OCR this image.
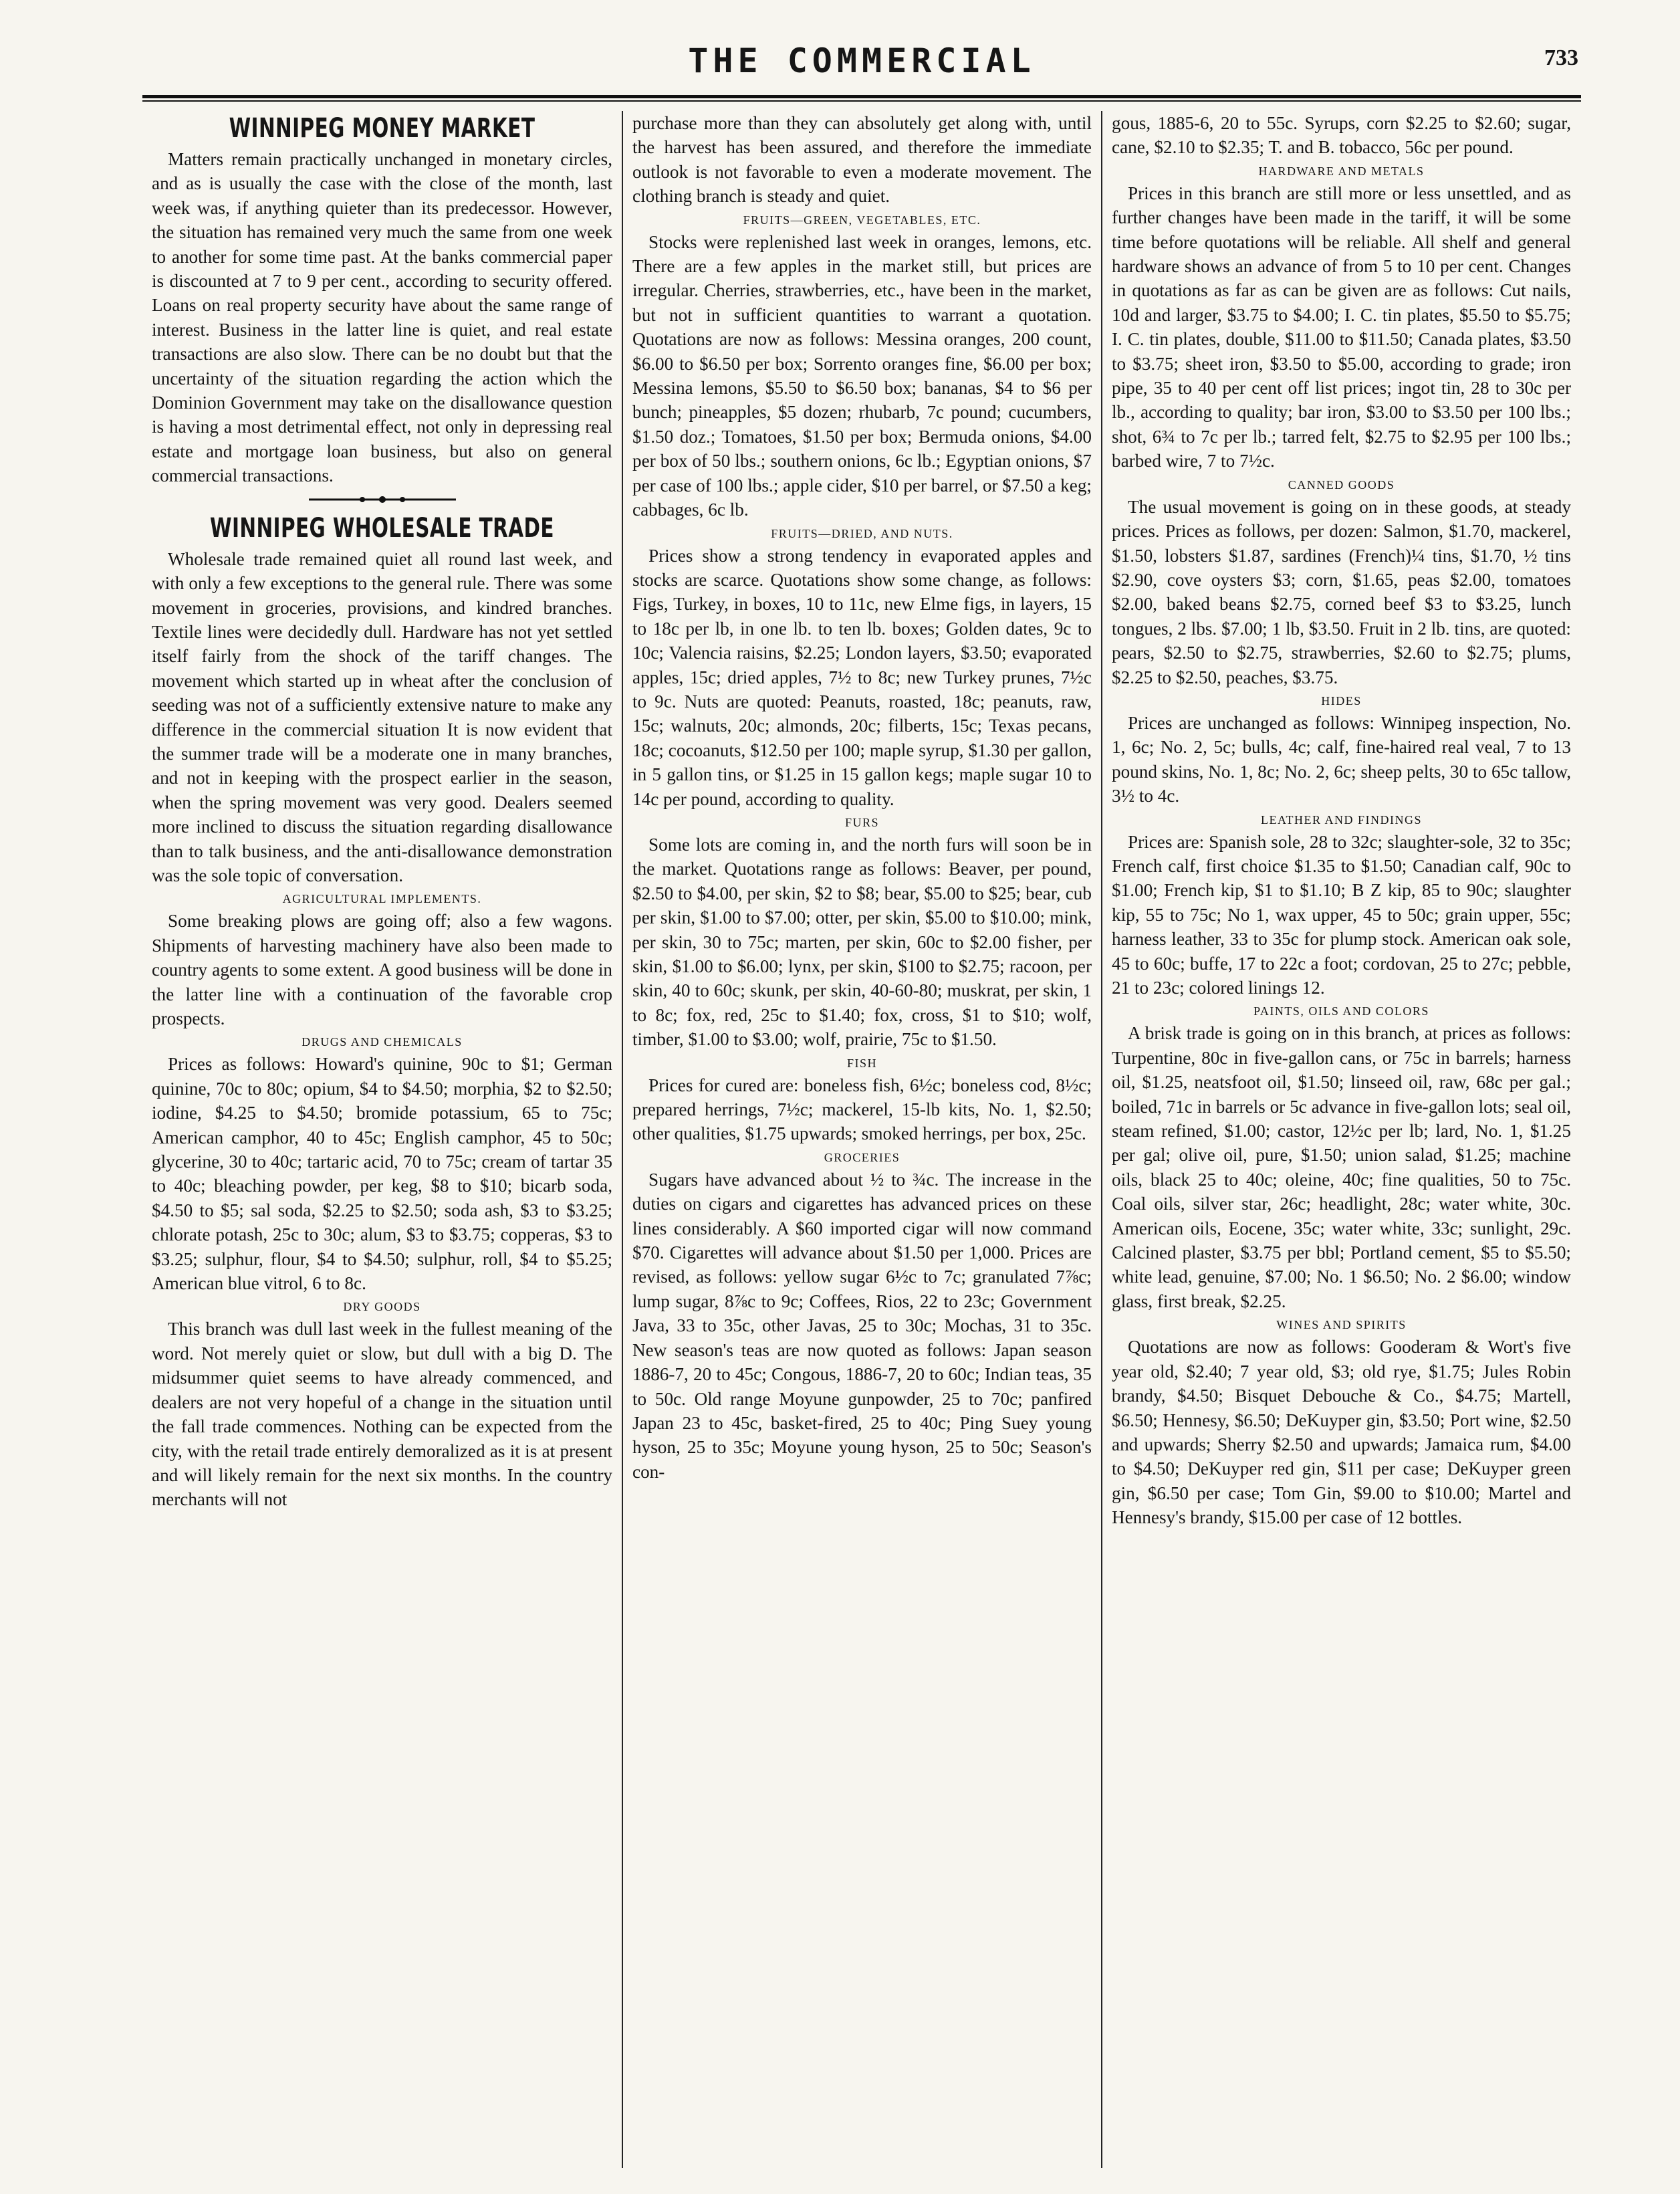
THE COMMERCIAL	733
WINNIPEG MONEY MARKET

Matters remain practically unchanged in monetary circles, and as is usually the case with the close of the month, last week was, if anything quieter than its predecessor. However, the situation has remained very much the same from one week to another for some time past. At the banks commercial paper is discounted at 7 to 9 per cent., according to security offered. Loans on real property security have about the same range of interest. Business in the latter line is quiet, and real estate transactions are also slow. There can be no doubt but that the uncertainty of the situation regarding the action which the Dominion Government may take on the disallowance question is having a most detrimental effect, not only in depressing real estate and mortgage loan business, but also on general commercial transactions.

WINNIPEG WHOLESALE TRADE

Wholesale trade remained quiet all round last week, and with only a few exceptions to the general rule. There was some movement in groceries, provisions, and kindred branches. Textile lines were decidedly dull. Hardware has not yet settled itself fairly from the shock of the tariff changes. The movement which started up in wheat after the conclusion of seeding was not of a sufficiently extensive nature to make any difference in the commercial situation It is now evident that the summer trade will be a moderate one in many branches, and not in keeping with the prospect earlier in the season, when the spring movement was very good. Dealers seemed more inclined to discuss the situation regarding disallowance than to talk business, and the anti-disallowance demonstration was the sole topic of conversation.

AGRICULTURAL IMPLEMENTS.

Some breaking plows are going off; also a few wagons. Shipments of harvesting machinery have also been made to country agents to some extent. A good business will be done in the latter line with a continuation of the favorable crop prospects.

DRUGS AND CHEMICALS

Prices as follows: Howard's quinine, 90c to $1; German quinine, 70c to 80c; opium, $4 to $4.50; morphia, $2 to $2.50; iodine, $4.25 to $4.50; bromide potassium, 65 to 75c; American camphor, 40 to 45c; English camphor, 45 to 50c; glycerine, 30 to 40c; tartaric acid, 70 to 75c; cream of tartar 35 to 40c; bleaching powder, per keg, $8 to $10; bicarb soda, $4.50 to $5; sal soda, $2.25 to $2.50; soda ash, $3 to $3.25; chlorate potash, 25c to 30c; alum, $3 to $3.75; copperas, $3 to $3.25; sulphur, flour, $4 to $4.50; sulphur, roll, $4 to $5.25; American blue vitrol, 6 to 8c.

DRY GOODS

This branch was dull last week in the fullest meaning of the word. Not merely quiet or slow, but dull with a big D. The midsummer quiet seems to have already commenced, and dealers are not very hopeful of a change in the situation until the fall trade commences. Nothing can be expected from the city, with the retail trade entirely demoralized as it is at present and will likely remain for the next six months. In the country merchants will not

purchase more than they can absolutely get along with, until the harvest has been assured, and therefore the immediate outlook is not favorable to even a moderate movement. The clothing branch is steady and quiet.

FRUITS—GREEN, VEGETABLES, ETC.

Stocks were replenished last week in oranges, lemons, etc. There are a few apples in the market still, but prices are irregular. Cherries, strawberries, etc., have been in the market, but not in sufficient quantities to warrant a quotation. Quotations are now as follows: Messina oranges, 200 count, $6.00 to $6.50 per box; Sorrento oranges fine, $6.00 per box; Messina lemons, $5.50 to $6.50 box; bananas, $4 to $6 per bunch; pineapples, $5 dozen; rhubarb, 7c pound; cucumbers, $1.50 doz.; Tomatoes, $1.50 per box; Bermuda onions, $4.00 per box of 50 lbs.; southern onions, 6c lb.; Egyptian onions, $7 per case of 100 lbs.; apple cider, $10 per barrel, or $7.50 a keg; cabbages, 6c lb.

FRUITS—DRIED, AND NUTS.

Prices show a strong tendency in evaporated apples and stocks are scarce. Quotations show some change, as follows: Figs, Turkey, in boxes, 10 to 11c, new Elme figs, in layers, 15 to 18c per lb, in one lb. to ten lb. boxes; Golden dates, 9c to 10c; Valencia raisins, $2.25; London layers, $3.50; evaporated apples, 15c; dried apples, 7½ to 8c; new Turkey prunes, 7½c to 9c. Nuts are quoted: Peanuts, roasted, 18c; peanuts, raw, 15c; walnuts, 20c; almonds, 20c; filberts, 15c; Texas pecans, 18c; cocoanuts, $12.50 per 100; maple syrup, $1.30 per gallon, in 5 gallon tins, or $1.25 in 15 gallon kegs; maple sugar 10 to 14c per pound, according to quality.

FURS

Some lots are coming in, and the north furs will soon be in the market. Quotations range as follows: Beaver, per pound, $2.50 to $4.00, per skin, $2 to $8; bear, $5.00 to $25; bear, cub per skin, $1.00 to $7.00; otter, per skin, $5.00 to $10.00; mink, per skin, 30 to 75c; marten, per skin, 60c to $2.00 fisher, per skin, $1.00 to $6.00; lynx, per skin, $100 to $2.75; racoon, per skin, 40 to 60c; skunk, per skin, 40-60-80; muskrat, per skin, 1 to 8c; fox, red, 25c to $1.40; fox, cross, $1 to $10; wolf, timber, $1.00 to $3.00; wolf, prairie, 75c to $1.50.

FISH

Prices for cured are: boneless fish, 6½c; boneless cod, 8½c; prepared herrings, 7½c; mackerel, 15-lb kits, No. 1, $2.50; other qualities, $1.75 upwards; smoked herrings, per box, 25c.

GROCERIES

Sugars have advanced about ½ to ¾c. The increase in the duties on cigars and cigarettes has advanced prices on these lines considerably. A $60 imported cigar will now command $70. Cigarettes will advance about $1.50 per 1,000. Prices are revised, as follows: yellow sugar 6½c to 7c; granulated 7⅞c; lump sugar, 8⅞c to 9c; Coffees, Rios, 22 to 23c; Government Java, 33 to 35c, other Javas, 25 to 30c; Mochas, 31 to 35c. New season's teas are now quoted as follows: Japan season 1886-7, 20 to 45c; Congous, 1886-7, 20 to 60c; Indian teas, 35 to 50c. Old range Moyune gunpowder, 25 to 70c; panfired Japan 23 to 45c, basket-fired, 25 to 40c; Ping Suey young hyson, 25 to 35c; Moyune young hyson, 25 to 50c; Season's con-

gous, 1885-6, 20 to 55c. Syrups, corn $2.25 to $2.60; sugar, cane, $2.10 to $2.35; T. and B. tobacco, 56c per pound.

HARDWARE AND METALS

Prices in this branch are still more or less unsettled, and as further changes have been made in the tariff, it will be some time before quotations will be reliable. All shelf and general hardware shows an advance of from 5 to 10 per cent. Changes in quotations as far as can be given are as follows: Cut nails, 10d and larger, $3.75 to $4.00; I. C. tin plates, $5.50 to $5.75; I. C. tin plates, double, $11.00 to $11.50; Canada plates, $3.50 to $3.75; sheet iron, $3.50 to $5.00, according to grade; iron pipe, 35 to 40 per cent off list prices; ingot tin, 28 to 30c per lb., according to quality; bar iron, $3.00 to $3.50 per 100 lbs.; shot, 6¾ to 7c per lb.; tarred felt, $2.75 to $2.95 per 100 lbs.; barbed wire, 7 to 7½c.

CANNED GOODS

The usual movement is going on in these goods, at steady prices. Prices as follows, per dozen: Salmon, $1.70, mackerel, $1.50, lobsters $1.87, sardines (French)¼ tins, $1.70, ½ tins $2.90, cove oysters $3; corn, $1.65, peas $2.00, tomatoes $2.00, baked beans $2.75, corned beef $3 to $3.25, lunch tongues, 2 lbs. $7.00; 1 lb, $3.50. Fruit in 2 lb. tins, are quoted: pears, $2.50 to $2.75, strawberries, $2.60 to $2.75; plums, $2.25 to $2.50, peaches, $3.75.

HIDES

Prices are unchanged as follows: Winnipeg inspection, No. 1, 6c; No. 2, 5c; bulls, 4c; calf, fine-haired real veal, 7 to 13 pound skins, No. 1, 8c; No. 2, 6c; sheep pelts, 30 to 65c tallow, 3½ to 4c.

LEATHER AND FINDINGS

Prices are: Spanish sole, 28 to 32c; slaughter-sole, 32 to 35c; French calf, first choice $1.35 to $1.50; Canadian calf, 90c to $1.00; French kip, $1 to $1.10; B Z kip, 85 to 90c; slaughter kip, 55 to 75c; No 1, wax upper, 45 to 50c; grain upper, 55c; harness leather, 33 to 35c for plump stock. American oak sole, 45 to 60c; buffe, 17 to 22c a foot; cordovan, 25 to 27c; pebble, 21 to 23c; colored linings 12.

PAINTS, OILS AND COLORS

A brisk trade is going on in this branch, at prices as follows: Turpentine, 80c in five-gallon cans, or 75c in barrels; harness oil, $1.25, neatsfoot oil, $1.50; linseed oil, raw, 68c per gal.; boiled, 71c in barrels or 5c advance in five-gallon lots; seal oil, steam refined, $1.00; castor, 12½c per lb; lard, No. 1, $1.25 per gal; olive oil, pure, $1.50; union salad, $1.25; machine oils, black 25 to 40c; oleine, 40c; fine qualities, 50 to 75c. Coal oils, silver star, 26c; headlight, 28c; water white, 30c. American oils, Eocene, 35c; water white, 33c; sunlight, 29c. Calcined plaster, $3.75 per bbl; Portland cement, $5 to $5.50; white lead, genuine, $7.00; No. 1 $6.50; No. 2 $6.00; window glass, first break, $2.25.

WINES AND SPIRITS

Quotations are now as follows: Gooderam & Wort's five year old, $2.40; 7 year old, $3; old rye, $1.75; Jules Robin brandy, $4.50; Bisquet Debouche & Co., $4.75; Martell, $6.50; Hennesy, $6.50; DeKuyper gin, $3.50; Port wine, $2.50 and upwards; Sherry $2.50 and upwards; Jamaica rum, $4.00 to $4.50; DeKuyper red gin, $11 per case; DeKuyper green gin, $6.50 per case; Tom Gin, $9.00 to $10.00; Martel and Hennesy's brandy, $15.00 per case of 12 bottles.
